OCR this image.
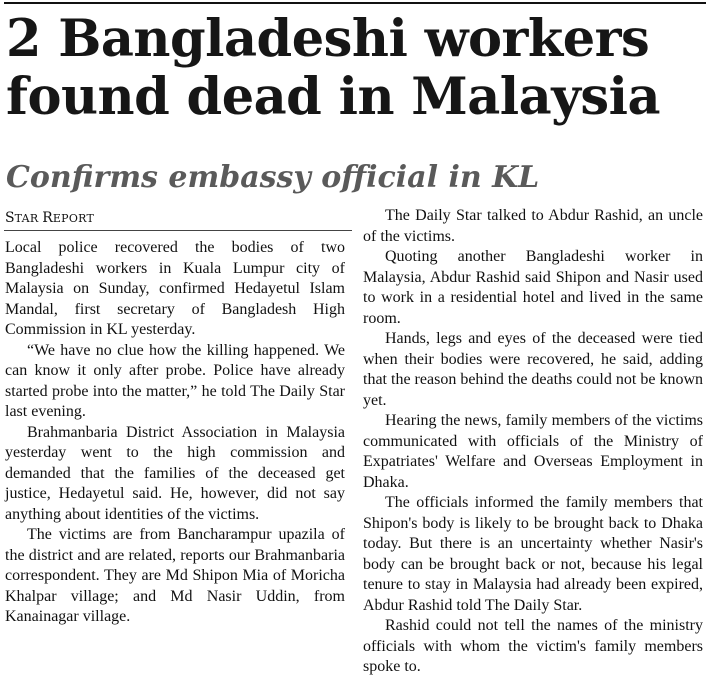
2 Bangladeshi workers
found dead in Malaysia
Confirms embassy official in KL
STAR REPORT

Local police recovered the bodies of two Bangladeshi workers in Kuala Lumpur city of Malaysia on Sunday, confirmed Hedayetul Islam Mandal, first secretary of Bangladesh High Commission in KL yesterday.

“We have no clue how the killing happened. We can know it only after probe. Police have already started probe into the matter,” he told The Daily Star last evening.

Brahmanbaria District Association in Malaysia yesterday went to the high commission and demanded that the families of the deceased get justice, Hedayetul said. He, however, did not say anything about identities of the victims.

The victims are from Bancharampur upazila of the district and are related, reports our Brahmanbaria correspondent. They are Md Shipon Mia of Moricha Khalpar village; and Md Nasir Uddin, from Kanainagar village.

The Daily Star talked to Abdur Rashid, an uncle of the victims.

Quoting another Bangladeshi worker in Malaysia, Abdur Rashid said Shipon and Nasir used to work in a residential hotel and lived in the same room.

Hands, legs and eyes of the deceased were tied when their bodies were recovered, he said, adding that the reason behind the deaths could not be known yet.

Hearing the news, family members of the victims communicated with officials of the Ministry of Expatriates' Welfare and Overseas Employment in Dhaka.

The officials informed the family members that Shipon's body is likely to be brought back to Dhaka today. But there is an uncertainty whether Nasir's body can be brought back or not, because his legal tenure to stay in Malaysia had already been expired, Abdur Rashid told The Daily Star.

Rashid could not tell the names of the ministry officials with whom the victim's family members spoke to.
